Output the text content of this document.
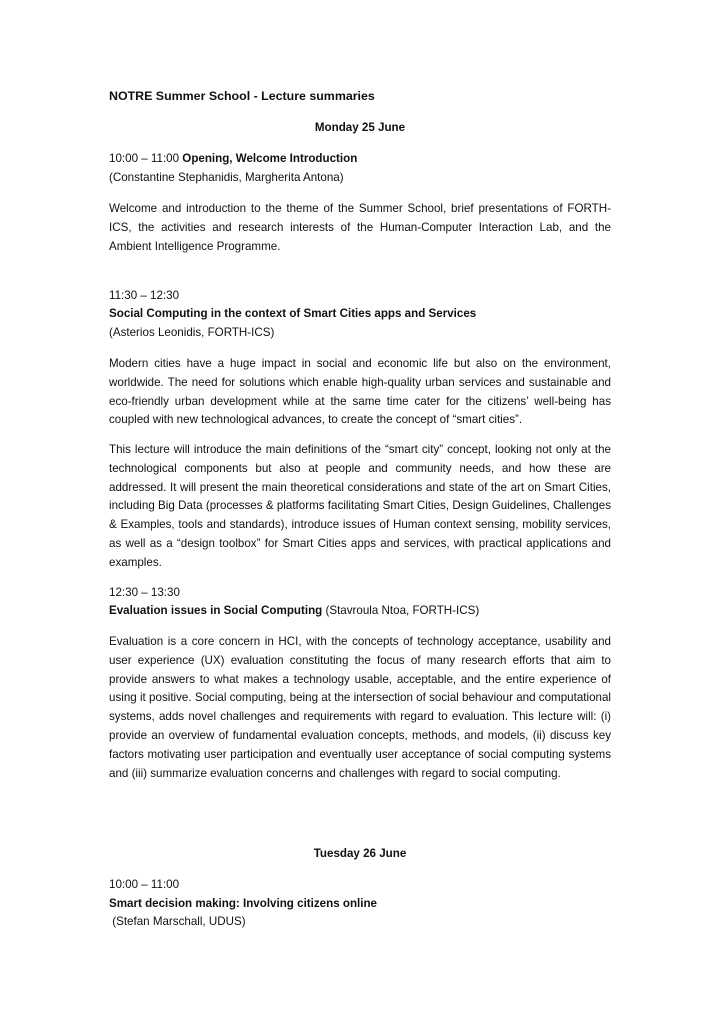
NOTRE Summer School - Lecture summaries

Monday 25 June

10:00 – 11:00 Opening, Welcome Introduction

(Constantine Stephanidis, Margherita Antona)

Welcome and introduction to the theme of the Summer School, brief presentations of FORTH-ICS, the activities and research interests of the Human-Computer Interaction Lab, and the Ambient Intelligence Programme.

11:30 – 12:30

Social Computing in the context of Smart Cities apps and Services

(Asterios Leonidis, FORTH-ICS)

Modern cities have a huge impact in social and economic life but also on the environment, worldwide. The need for solutions which enable high-quality urban services and sustainable and eco-friendly urban development while at the same time cater for the citizens’ well-being has coupled with new technological advances, to create the concept of “smart cities”.

This lecture will introduce the main definitions of the “smart city” concept, looking not only at the technological components but also at people and community needs, and how these are addressed. It will present the main theoretical considerations and state of the art on Smart Cities, including Big Data (processes & platforms facilitating Smart Cities, Design Guidelines, Challenges & Examples, tools and standards), introduce issues of Human context sensing, mobility services, as well as a “design toolbox” for Smart Cities apps and services, with practical applications and examples.

12:30 – 13:30

Evaluation issues in Social Computing (Stavroula Ntoa, FORTH-ICS)

Evaluation is a core concern in HCI, with the concepts of technology acceptance, usability and user experience (UX) evaluation constituting the focus of many research efforts that aim to provide answers to what makes a technology usable, acceptable, and the entire experience of using it positive. Social computing, being at the intersection of social behaviour and computational systems, adds novel challenges and requirements with regard to evaluation. This lecture will: (i) provide an overview of fundamental evaluation concepts, methods, and models, (ii) discuss key factors motivating user participation and eventually user acceptance of social computing systems and (iii) summarize evaluation concerns and challenges with regard to social computing.

Tuesday 26 June

10:00 – 11:00

Smart decision making: Involving citizens online

(Stefan Marschall, UDUS)
